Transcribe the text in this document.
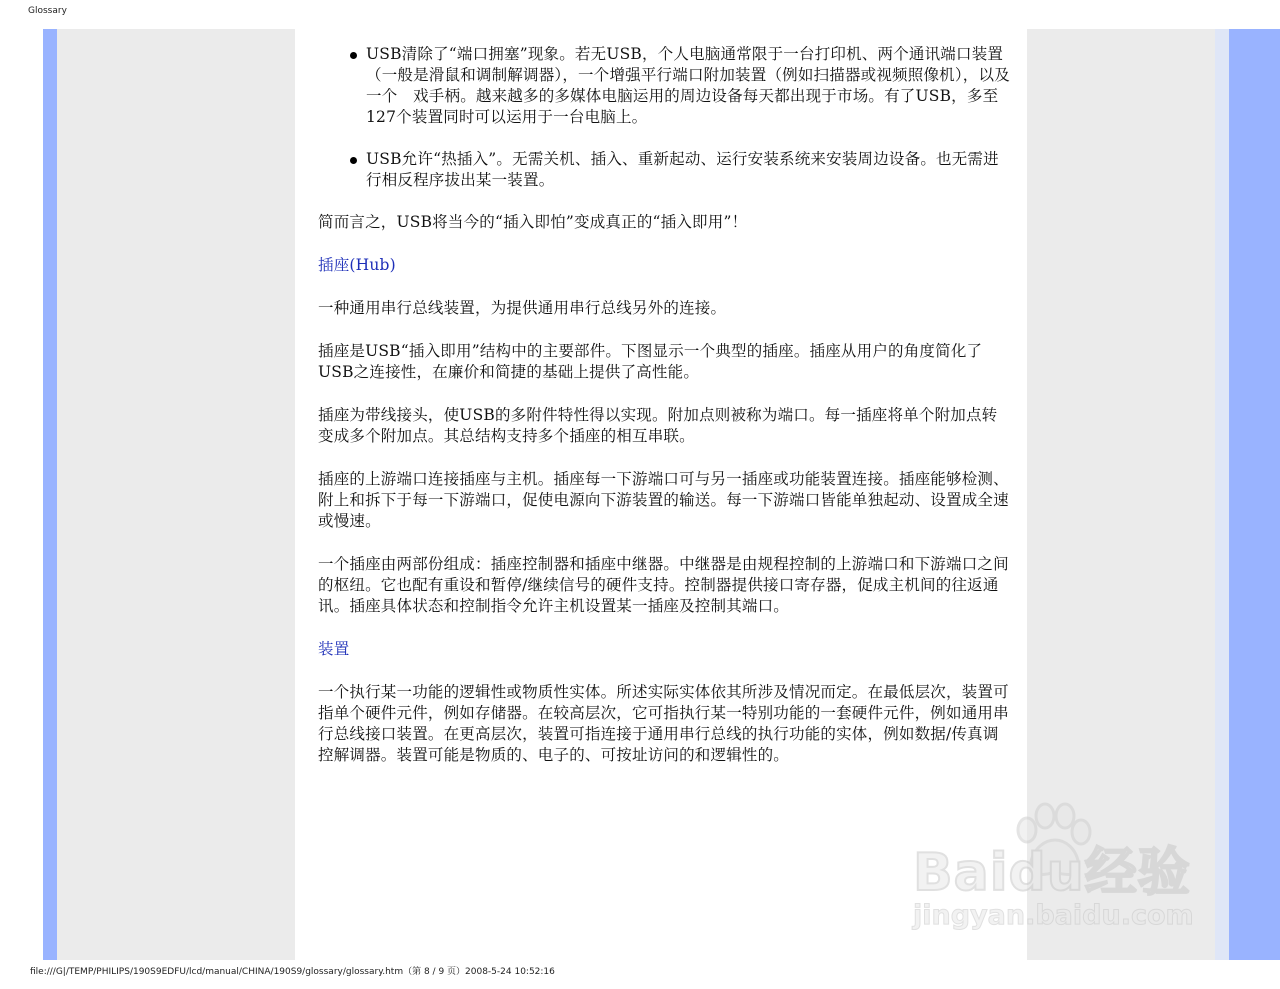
Glossary
USB清除了“端口拥塞”现象。若无USB，个人电脑通常限于一台打印机、两个通讯端口装置（一般是滑鼠和调制解调器），一个增强平行端口附加装置（例如扫描器或视频照像机），以及一个　戏手柄。越来越多的多媒体电脑运用的周边设备每天都出现于市场。有了USB，多至127个装置同时可以运用于一台电脑上。
USB允许“热插入”。无需关机、插入、重新起动、运行安装系统来安装周边设备。也无需进行相反程序拔出某一装置。

简而言之，USB将当今的“插入即怕”变成真正的“插入即用”！

插座(Hub)

一种通用串行总线装置，为提供通用串行总线另外的连接。

插座是USB“插入即用”结构中的主要部件。下图显示一个典型的插座。插座从用户的角度简化了USB之连接性，在廉价和简捷的基础上提供了高性能。

插座为带线接头，使USB的多附件特性得以实现。附加点则被称为端口。每一插座将单个附加点转变成多个附加点。其总结构支持多个插座的相互串联。

插座的上游端口连接插座与主机。插座每一下游端口可与另一插座或功能装置连接。插座能够检测、附上和拆下于每一下游端口，促使电源向下游装置的输送。每一下游端口皆能单独起动、设置成全速或慢速。

一个插座由两部份组成：插座控制器和插座中继器。中继器是由规程控制的上游端口和下游端口之间的枢纽。它也配有重设和暂停/继续信号的硬件支持。控制器提供接口寄存器，促成主机间的往返通讯。插座具体状态和控制指令允许主机设置某一插座及控制其端口。

装置

一个执行某一功能的逻辑性或物质性实体。所述实际实体依其所涉及情况而定。在最低层次，装置可指单个硬件元件，例如存储器。在较高层次，它可指执行某一特别功能的一套硬件元件，例如通用串行总线接口装置。在更高层次，装置可指连接于通用串行总线的执行功能的实体，例如数据/传真调控解调器。装置可能是物质的、电子的、可按址访问的和逻辑性的。

Baidu经验
jingyan.baidu.com
file:///G|/TEMP/PHILIPS/190S9EDFU/lcd/manual/CHINA/190S9/glossary/glossary.htm（第 8 / 9 页）2008-5-24 10:52:16
